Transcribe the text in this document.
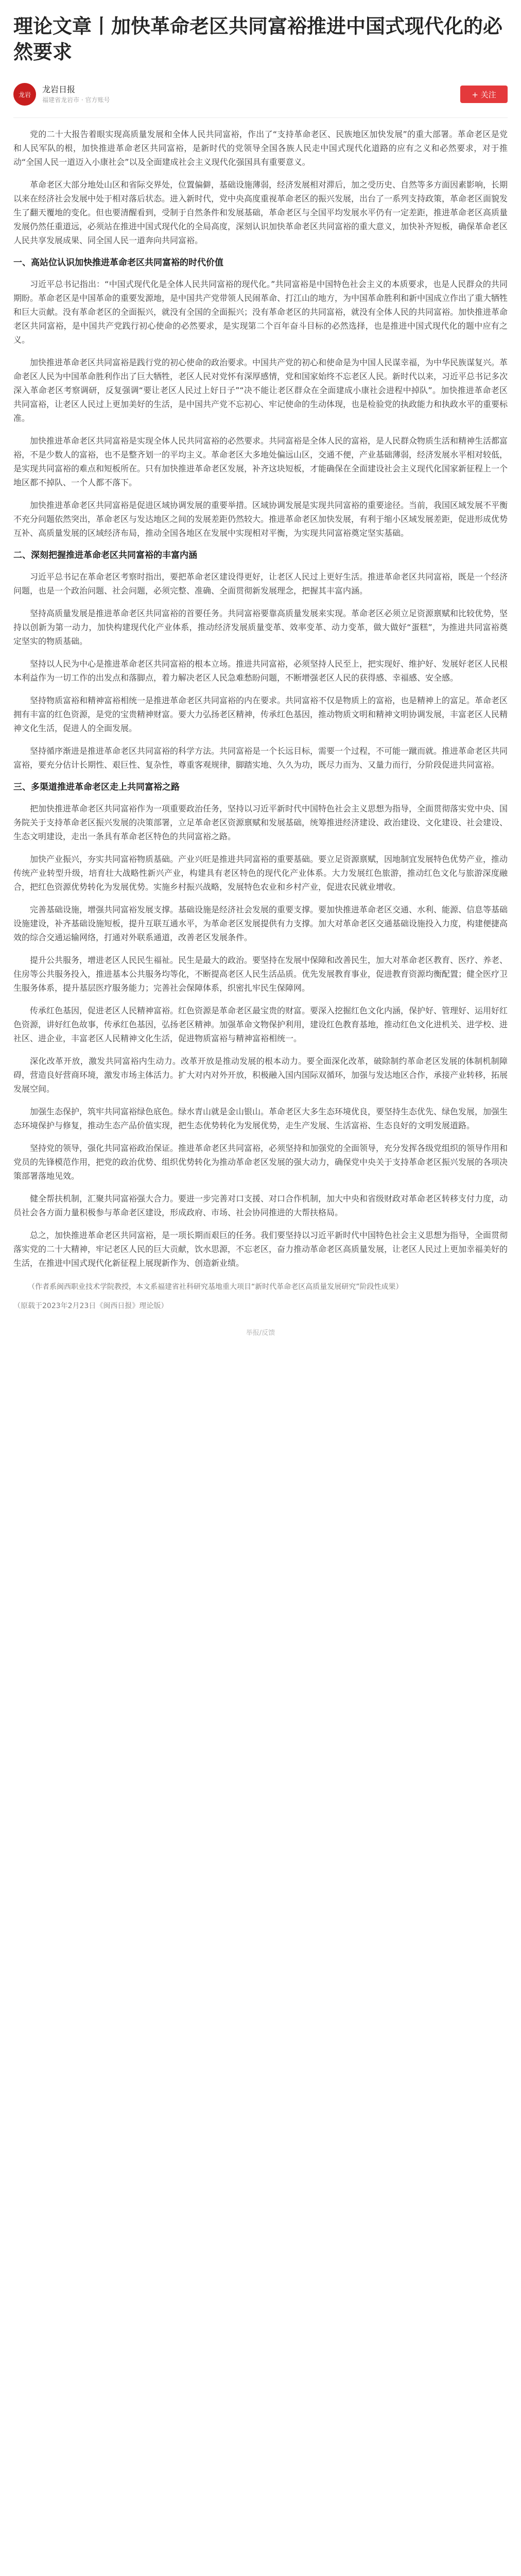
理论文章丨加快革命老区共同富裕推进中国式现代化的必然要求
龙岩
龙岩日报
福建省龙岩市 · 官方账号
+ 关注

党的二十大报告着眼实现高质量发展和全体人民共同富裕，作出了“支持革命老区、民族地区加快发展”的重大部署。革命老区是党和人民军队的根，加快推进革命老区共同富裕，是新时代的党领导全国各族人民走中国式现代化道路的应有之义和必然要求，对于推动“全国人民一道迈入小康社会”以及全面建成社会主义现代化强国具有重要意义。

革命老区大部分地处山区和省际交界处，位置偏僻，基础设施薄弱，经济发展相对滞后，加之受历史、自然等多方面因素影响，长期以来在经济社会发展中处于相对落后状态。进入新时代，党中央高度重视革命老区的振兴发展，出台了一系列支持政策，革命老区面貌发生了翻天覆地的变化。但也要清醒看到，受制于自然条件和发展基础，革命老区与全国平均发展水平仍有一定差距，推进革命老区高质量发展仍然任重道远，必须站在推进中国式现代化的全局高度，深刻认识加快革命老区共同富裕的重大意义，加快补齐短板，确保革命老区人民共享发展成果、同全国人民一道奔向共同富裕。

一、高站位认识加快推进革命老区共同富裕的时代价值

习近平总书记指出：“中国式现代化是全体人民共同富裕的现代化。”共同富裕是中国特色社会主义的本质要求，也是人民群众的共同期盼。革命老区是中国革命的重要发源地，是中国共产党带领人民闹革命、打江山的地方，为中国革命胜利和新中国成立作出了重大牺牲和巨大贡献。没有革命老区的全面振兴，就没有全国的全面振兴；没有革命老区的共同富裕，就没有全体人民的共同富裕。加快推进革命老区共同富裕，是中国共产党践行初心使命的必然要求，是实现第二个百年奋斗目标的必然选择，也是推进中国式现代化的题中应有之义。

加快推进革命老区共同富裕是践行党的初心使命的政治要求。中国共产党的初心和使命是为中国人民谋幸福，为中华民族谋复兴。革命老区人民为中国革命胜利作出了巨大牺牲，老区人民对党怀有深厚感情，党和国家始终不忘老区人民。新时代以来，习近平总书记多次深入革命老区考察调研，反复强调“要让老区人民过上好日子”“决不能让老区群众在全面建成小康社会进程中掉队”。加快推进革命老区共同富裕，让老区人民过上更加美好的生活，是中国共产党不忘初心、牢记使命的生动体现，也是检验党的执政能力和执政水平的重要标准。

加快推进革命老区共同富裕是实现全体人民共同富裕的必然要求。共同富裕是全体人民的富裕，是人民群众物质生活和精神生活都富裕，不是少数人的富裕，也不是整齐划一的平均主义。革命老区大多地处偏远山区，交通不便，产业基础薄弱，经济发展水平相对较低，是实现共同富裕的难点和短板所在。只有加快推进革命老区发展，补齐这块短板，才能确保在全面建设社会主义现代化国家新征程上一个地区都不掉队、一个人都不落下。

加快推进革命老区共同富裕是促进区域协调发展的重要举措。区域协调发展是实现共同富裕的重要途径。当前，我国区域发展不平衡不充分问题依然突出，革命老区与发达地区之间的发展差距仍然较大。推进革命老区加快发展，有利于缩小区域发展差距，促进形成优势互补、高质量发展的区域经济布局，推动全国各地区在发展中实现相对平衡，为实现共同富裕奠定坚实基础。

二、深刻把握推进革命老区共同富裕的丰富内涵

习近平总书记在革命老区考察时指出，要把革命老区建设得更好，让老区人民过上更好生活。推进革命老区共同富裕，既是一个经济问题，也是一个政治问题、社会问题，必须完整、准确、全面贯彻新发展理念，把握其丰富内涵。

坚持高质量发展是推进革命老区共同富裕的首要任务。共同富裕要靠高质量发展来实现。革命老区必须立足资源禀赋和比较优势，坚持以创新为第一动力，加快构建现代化产业体系，推动经济发展质量变革、效率变革、动力变革，做大做好“蛋糕”，为推进共同富裕奠定坚实的物质基础。

坚持以人民为中心是推进革命老区共同富裕的根本立场。推进共同富裕，必须坚持人民至上，把实现好、维护好、发展好老区人民根本利益作为一切工作的出发点和落脚点，着力解决老区人民急难愁盼问题，不断增强老区人民的获得感、幸福感、安全感。

坚持物质富裕和精神富裕相统一是推进革命老区共同富裕的内在要求。共同富裕不仅是物质上的富裕，也是精神上的富足。革命老区拥有丰富的红色资源，是党的宝贵精神财富。要大力弘扬老区精神，传承红色基因，推动物质文明和精神文明协调发展，丰富老区人民精神文化生活，促进人的全面发展。

坚持循序渐进是推进革命老区共同富裕的科学方法。共同富裕是一个长远目标，需要一个过程，不可能一蹴而就。推进革命老区共同富裕，要充分估计长期性、艰巨性、复杂性，尊重客观规律，脚踏实地、久久为功，既尽力而为、又量力而行，分阶段促进共同富裕。

三、多渠道推进革命老区走上共同富裕之路

把加快推进革命老区共同富裕作为一项重要政治任务，坚持以习近平新时代中国特色社会主义思想为指导，全面贯彻落实党中央、国务院关于支持革命老区振兴发展的决策部署，立足革命老区资源禀赋和发展基础，统筹推进经济建设、政治建设、文化建设、社会建设、生态文明建设，走出一条具有革命老区特色的共同富裕之路。

加快产业振兴，夯实共同富裕物质基础。产业兴旺是推进共同富裕的重要基础。要立足资源禀赋，因地制宜发展特色优势产业，推动传统产业转型升级，培育壮大战略性新兴产业，构建具有老区特色的现代化产业体系。大力发展红色旅游，推动红色文化与旅游深度融合，把红色资源优势转化为发展优势。实施乡村振兴战略，发展特色农业和乡村产业，促进农民就业增收。

完善基础设施，增强共同富裕发展支撑。基础设施是经济社会发展的重要支撑。要加快推进革命老区交通、水利、能源、信息等基础设施建设，补齐基础设施短板，提升互联互通水平，为革命老区发展提供有力支撑。加大对革命老区交通基础设施投入力度，构建便捷高效的综合交通运输网络，打通对外联系通道，改善老区发展条件。

提升公共服务，增进老区人民民生福祉。民生是最大的政治。要坚持在发展中保障和改善民生，加大对革命老区教育、医疗、养老、住房等公共服务投入，推进基本公共服务均等化，不断提高老区人民生活品质。优先发展教育事业，促进教育资源均衡配置；健全医疗卫生服务体系，提升基层医疗服务能力；完善社会保障体系，织密扎牢民生保障网。

传承红色基因，促进老区人民精神富裕。红色资源是革命老区最宝贵的财富。要深入挖掘红色文化内涵，保护好、管理好、运用好红色资源，讲好红色故事，传承红色基因，弘扬老区精神。加强革命文物保护利用，建设红色教育基地，推动红色文化进机关、进学校、进社区、进企业，丰富老区人民精神文化生活，促进物质富裕与精神富裕相统一。

深化改革开放，激发共同富裕内生动力。改革开放是推动发展的根本动力。要全面深化改革，破除制约革命老区发展的体制机制障碍，营造良好营商环境，激发市场主体活力。扩大对内对外开放，积极融入国内国际双循环，加强与发达地区合作，承接产业转移，拓展发展空间。

加强生态保护，筑牢共同富裕绿色底色。绿水青山就是金山银山。革命老区大多生态环境优良，要坚持生态优先、绿色发展，加强生态环境保护与修复，推动生态产品价值实现，把生态优势转化为发展优势，走生产发展、生活富裕、生态良好的文明发展道路。

坚持党的领导，强化共同富裕政治保证。推进革命老区共同富裕，必须坚持和加强党的全面领导，充分发挥各级党组织的领导作用和党员的先锋模范作用，把党的政治优势、组织优势转化为推动革命老区发展的强大动力，确保党中央关于支持革命老区振兴发展的各项决策部署落地见效。

健全帮扶机制，汇聚共同富裕强大合力。要进一步完善对口支援、对口合作机制，加大中央和省级财政对革命老区转移支付力度，动员社会各方面力量积极参与革命老区建设，形成政府、市场、社会协同推进的大帮扶格局。

总之，加快推进革命老区共同富裕，是一项长期而艰巨的任务。我们要坚持以习近平新时代中国特色社会主义思想为指导，全面贯彻落实党的二十大精神，牢记老区人民的巨大贡献，饮水思源，不忘老区，奋力推动革命老区高质量发展，让老区人民过上更加幸福美好的生活，在推进中国式现代化新征程上展现新作为、创造新业绩。

（作者系闽西职业技术学院教授，本文系福建省社科研究基地重大项目“新时代革命老区高质量发展研究”阶段性成果）

（原载于2023年2月23日《闽西日报》理论版）

举报/反馈
